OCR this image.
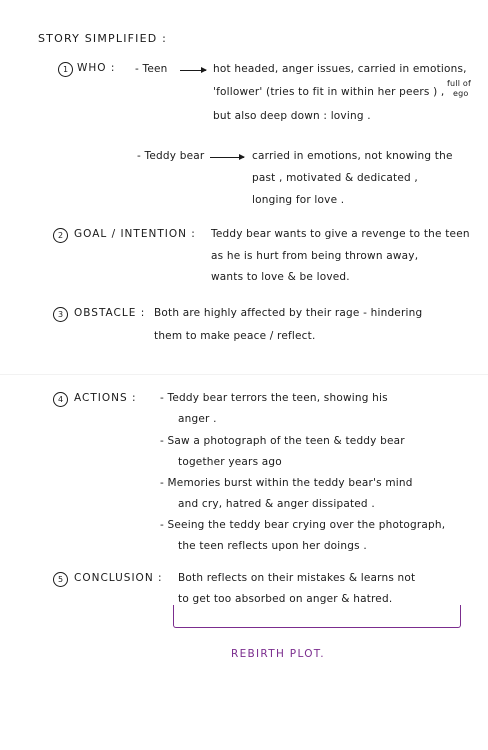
STORY SIMPLIFIED :
1 WHO : - Teen	hot headed, anger issues, carried in emotions,
'follower' (tries to fit in within her peers ) ,
full of
ego
but also deep down : loving .
- Teddy bear	carried in emotions, not knowing the
past , motivated & dedicated ,
longing for love .
2	GOAL / INTENTION : Teddy bear wants to give a revenge to the teen
as he is hurt from being thrown away,
wants to love & be loved.
3	OBSTACLE : Both are highly affected by their rage - hindering
them to make peace / reflect.
4	ACTIONS : - Teddy bear terrors the teen, showing his
anger .
- Saw a photograph of the teen & teddy bear
together years ago
- Memories burst within the teddy bear's mind
and cry, hatred & anger dissipated .
- Seeing the teddy bear crying over the photograph,
the teen reflects upon her doings .
5	CONCLUSION : Both reflects on their mistakes & learns not
to get too absorbed on anger & hatred.
REBIRTH PLOT.
